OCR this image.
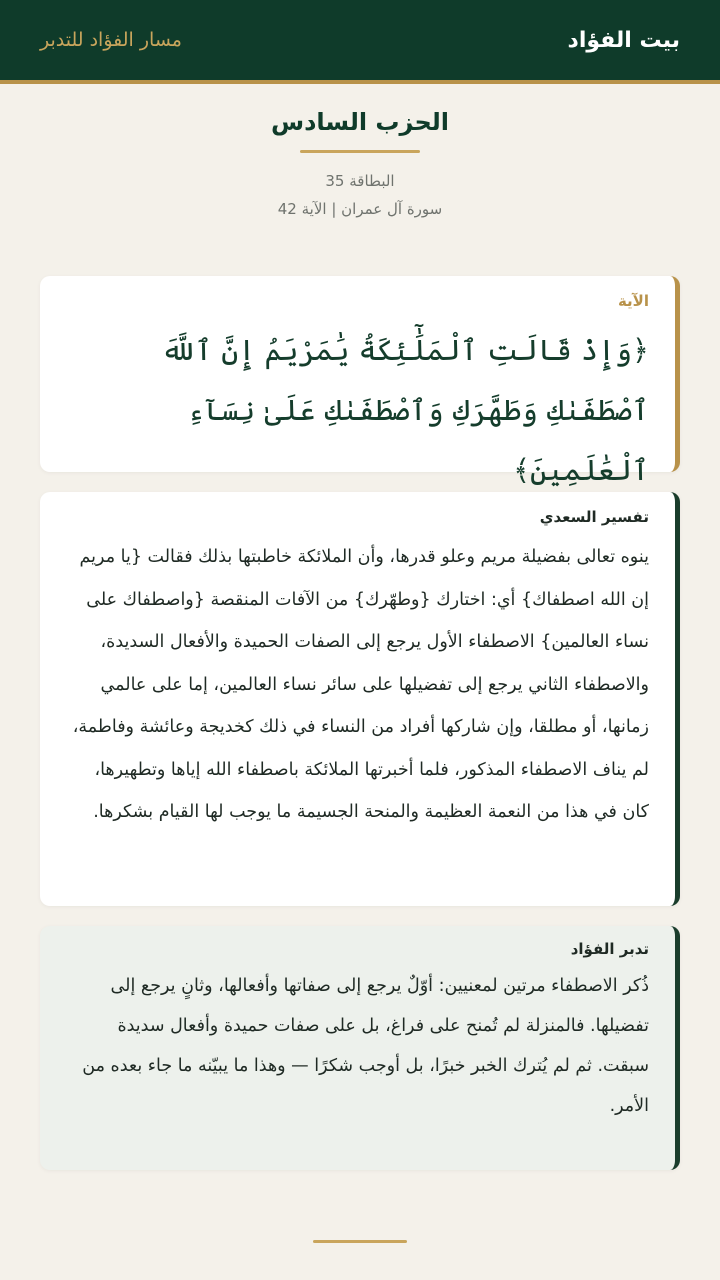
بيت الفؤاد
مسار الفؤاد للتدبر
الحزب السادس
البطاقة 35
سورة آل عمران | الآية 42
الآية
﴿وَإِذْ قَالَتِ ٱلْمَلَٰٓئِكَةُ يَٰمَرْيَمُ إِنَّ ٱللَّهَ ٱصْطَفَىٰكِ وَطَهَّرَكِ وَٱصْطَفَىٰكِ عَلَىٰ نِسَآءِ ٱلْعَٰلَمِينَ﴾
تفسير السعدي
ينوه تعالى بفضيلة مريم وعلو قدرها، وأن الملائكة خاطبتها بذلك فقالت {يا مريم إن الله اصطفاك} أي: اختارك {وطهّرك} من الآفات المنقصة {واصطفاك على نساء العالمين} الاصطفاء الأول يرجع إلى الصفات الحميدة والأفعال السديدة، والاصطفاء الثاني يرجع إلى تفضيلها على سائر نساء العالمين، إما على عالمي زمانها، أو مطلقا، وإن شاركها أفراد من النساء في ذلك كخديجة وعائشة وفاطمة، لم يناف الاصطفاء المذكور، فلما أخبرتها الملائكة باصطفاء الله إياها وتطهيرها، كان في هذا من النعمة العظيمة والمنحة الجسيمة ما يوجب لها القيام بشكرها.
تدبر الفؤاد
ذُكر الاصطفاء مرتين لمعنيين: أوّلٌ يرجع إلى صفاتها وأفعالها، وثانٍ يرجع إلى تفضيلها. فالمنزلة لم تُمنح على فراغ، بل على صفات حميدة وأفعال سديدة سبقت. ثم لم يُترك الخبر خبرًا، بل أوجب شكرًا — وهذا ما يبيّنه ما جاء بعده من الأمر.
